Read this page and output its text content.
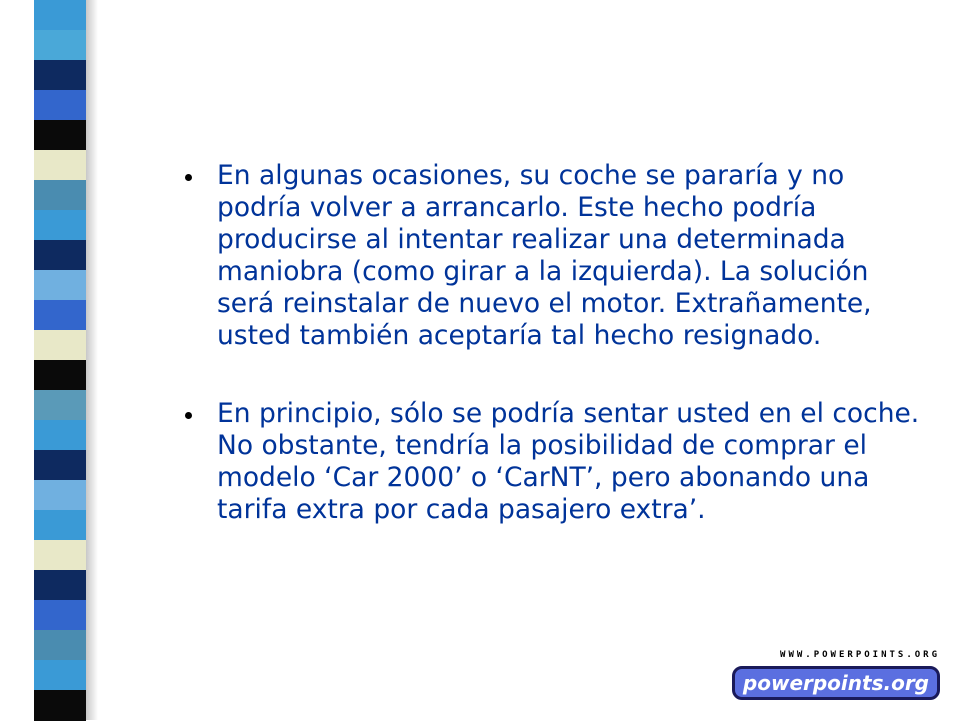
En algunas ocasiones, su coche se pararía y no podría volver a arrancarlo. Este hecho podría producirse al intentar realizar una determinada maniobra (como girar a la izquierda). La solución será reinstalar de nuevo el motor. Extrañamente, usted también aceptaría tal hecho resignado.
En principio, sólo se podría sentar usted en el coche. No obstante, tendría la posibilidad de comprar el modelo ‘Car 2000’ o ‘CarNT’, pero abonando una tarifa extra por cada pasajero extra’.
WWW.POWERPOINTS.ORG
powerpoints.org
